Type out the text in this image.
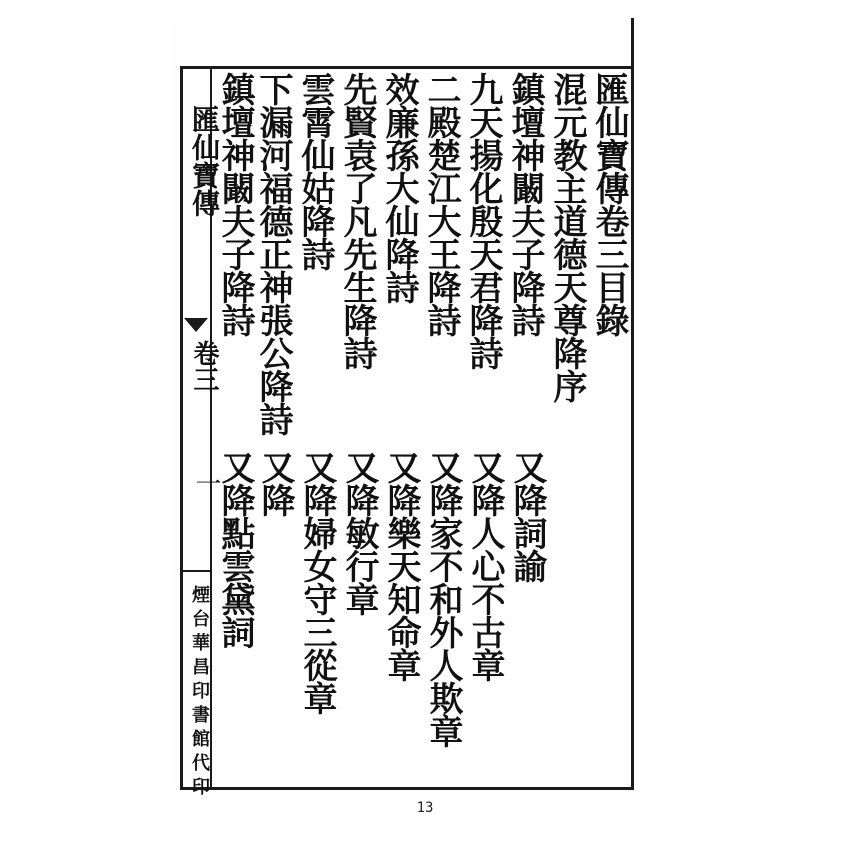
匯仙寶傳
卷三
一
煙台華昌印書館代印
匯仙寶傳卷三目錄
混元教主道德天尊降序
鎮壇神闞夫子降詩
九天揚化殷天君降詩
二殿楚江大王降詩
效廉孫大仙降詩
先賢袁了凡先生降詩
雲霄仙姑降詩
下漏河福德正神張公降詩
鎮壇神闞夫子降詩
又降詞諭
又降人心不古章
又降家不和外人欺章
又降樂天知命章
又降敏行章
又降婦女守三從章
又降
又降點雲黛詞
13
